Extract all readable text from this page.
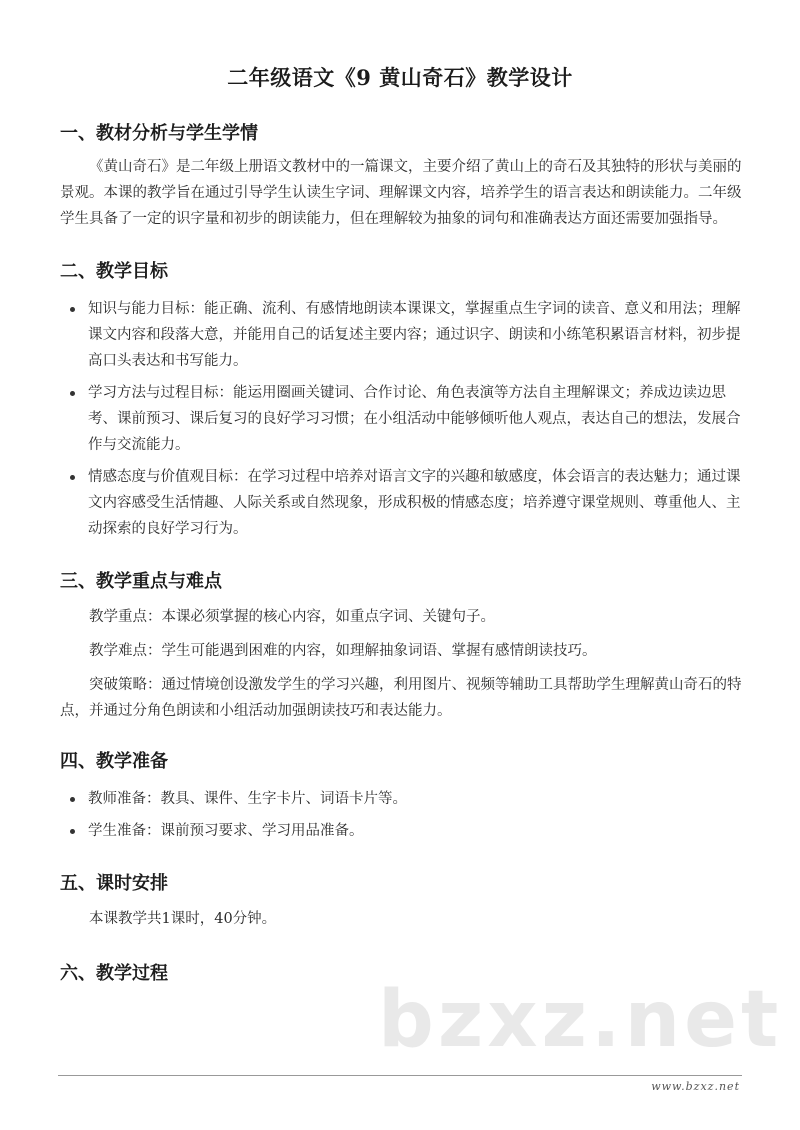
二年级语文《9 黄山奇石》教学设计
一、教材分析与学生学情

《黄山奇石》是二年级上册语文教材中的一篇课文，主要介绍了黄山上的奇石及其独特的形状与美丽的景观。本课的教学旨在通过引导学生认读生字词、理解课文内容，培养学生的语言表达和朗读能力。二年级学生具备了一定的识字量和初步的朗读能力，但在理解较为抽象的词句和准确表达方面还需要加强指导。

二、教学目标
知识与能力目标：能正确、流利、有感情地朗读本课课文，掌握重点生字词的读音、意义和用法；理解课文内容和段落大意，并能用自己的话复述主要内容；通过识字、朗读和小练笔积累语言材料，初步提高口头表达和书写能力。
学习方法与过程目标：能运用圈画关键词、合作讨论、角色表演等方法自主理解课文；养成边读边思考、课前预习、课后复习的良好学习习惯；在小组活动中能够倾听他人观点，表达自己的想法，发展合作与交流能力。
情感态度与价值观目标：在学习过程中培养对语言文字的兴趣和敏感度，体会语言的表达魅力；通过课文内容感受生活情趣、人际关系或自然现象，形成积极的情感态度；培养遵守课堂规则、尊重他人、主动探索的良好学习行为。
三、教学重点与难点

教学重点：本课必须掌握的核心内容，如重点字词、关键句子。

教学难点：学生可能遇到困难的内容，如理解抽象词语、掌握有感情朗读技巧。

突破策略：通过情境创设激发学生的学习兴趣，利用图片、视频等辅助工具帮助学生理解黄山奇石的特点，并通过分角色朗读和小组活动加强朗读技巧和表达能力。

四、教学准备
教师准备：教具、课件、生字卡片、词语卡片等。
学生准备：课前预习要求、学习用品准备。
五、课时安排

本课教学共1课时，40分钟。

六、教学过程
bzxz.net
www.bzxz.net
